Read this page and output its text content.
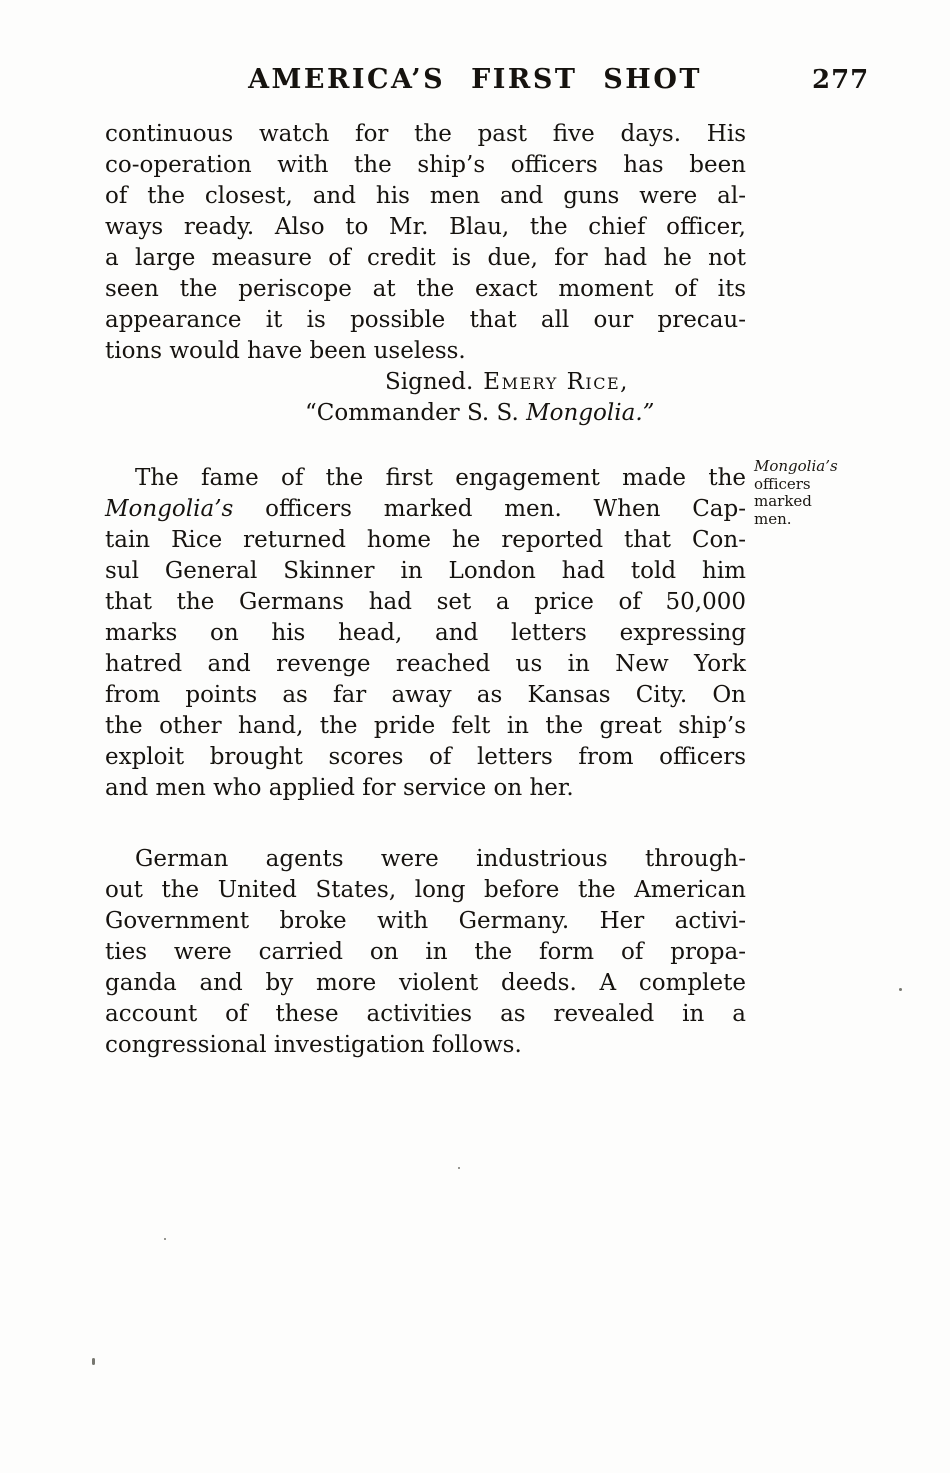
AMERICA’S FIRST SHOT	277
continuous watch for the past five days. His
co-operation with the ship’s officers has been
of the closest, and his men and guns were al-
ways ready. Also to Mr. Blau, the chief officer,
a large measure of credit is due, for had he not
seen the periscope at the exact moment of its
appearance it is possible that all our precau-
tions would have been useless.
Signed. Emery Rice,
“Commander S. S. Mongolia.”
The fame of the first engagement made the
Mongolia’s officers marked men. When Cap-
tain Rice returned home he reported that Con-
sul General Skinner in London had told him
that the Germans had set a price of 50,000
marks on his head, and letters expressing
hatred and revenge reached us in New York
from points as far away as Kansas City. On
the other hand, the pride felt in the great ship’s
exploit brought scores of letters from officers
and men who applied for service on her.
German agents were industrious through-
out the United States, long before the American
Government broke with Germany. Her activi-
ties were carried on in the form of propa-
ganda and by more violent deeds. A complete
account of these activities as revealed in a
congressional investigation follows.
Mongolia’s
officers
marked
men.
